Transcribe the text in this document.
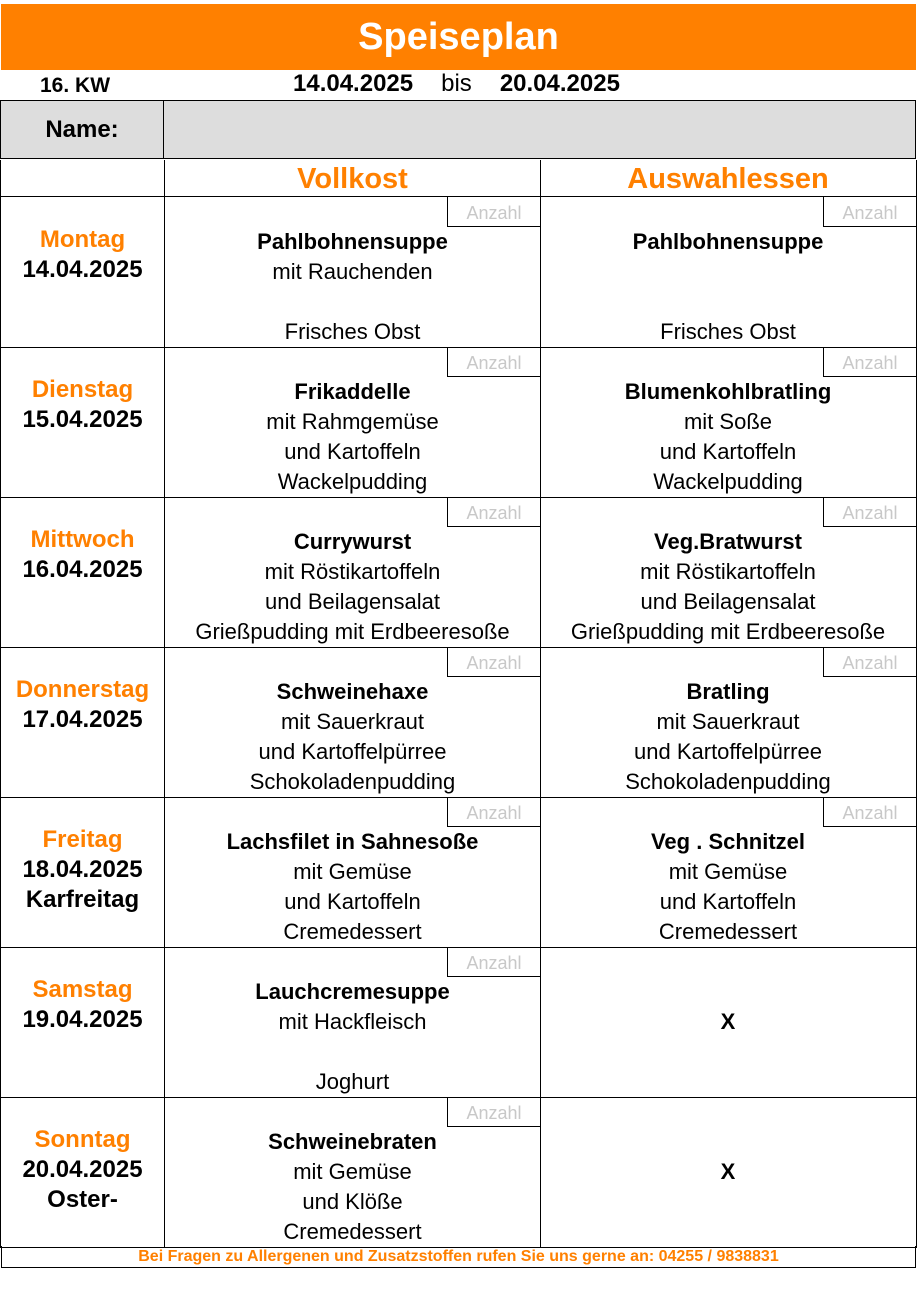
Speiseplan
16. KW	14.04.2025 bis 20.04.2025
Name:
Vollkost	Auswahlessen
Montag
14.04.2025
Anzahl
Pahlbohnensuppe
mit Rauchenden
Frisches Obst
Anzahl
Pahlbohnensuppe
Frisches Obst
Dienstag
15.04.2025
Anzahl
Frikaddelle
mit Rahmgemüse
und Kartoffeln
Wackelpudding
Anzahl
Blumenkohlbratling
mit Soße
und Kartoffeln
Wackelpudding
Mittwoch
16.04.2025
Anzahl
Currywurst
mit Röstikartoffeln
und Beilagensalat
Grießpudding mit Erdbeeresoße
Anzahl
Veg.Bratwurst
mit Röstikartoffeln
und Beilagensalat
Grießpudding mit Erdbeeresoße
Donnerstag
17.04.2025
Anzahl
Schweinehaxe
mit Sauerkraut
und Kartoffelpürree
Schokoladenpudding
Anzahl
Bratling
mit Sauerkraut
und Kartoffelpürree
Schokoladenpudding
Freitag
18.04.2025
Karfreitag
Anzahl
Lachsfilet in Sahnesoße
mit Gemüse
und Kartoffeln
Cremedessert
Anzahl
Veg . Schnitzel
mit Gemüse
und Kartoffeln
Cremedessert
Samstag
19.04.2025
Anzahl
Lauchcremesuppe
mit Hackfleisch
Joghurt
X
Sonntag
20.04.2025
Oster-
Anzahl
Schweinebraten
mit Gemüse
und Klöße
Cremedessert
X
Bei Fragen zu Allergenen und Zusatzstoffen rufen Sie uns gerne an: 04255 / 9838831
